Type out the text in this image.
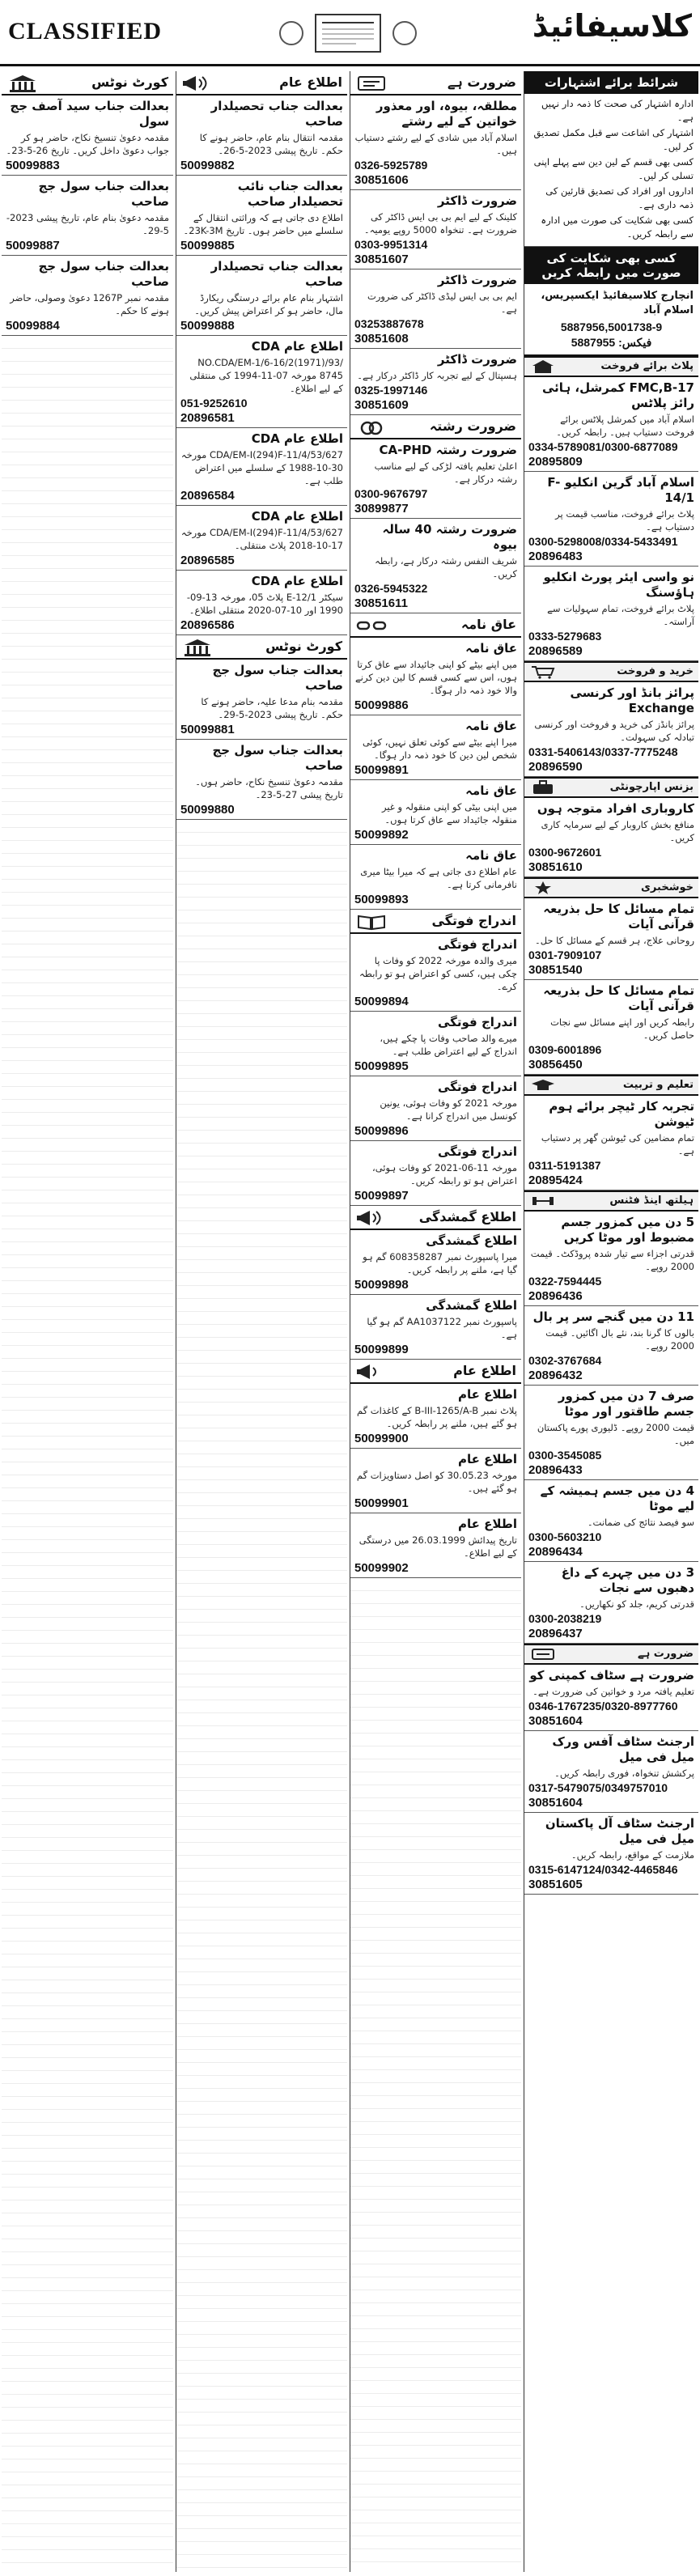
CLASSIFIED	کلاسیفائیڈ
کورٹ نوٹس
بعدالت جناب سید آصف جج سول
مقدمہ دعویٰ تنسیخ نکاح، حاضر ہو کر جواب دعویٰ داخل کریں۔ تاریخ 26-5-23۔
50099883
بعدالت جناب سول جج صاحب
مقدمہ دعویٰ بنام عام، تاریخ پیشی 2023-5-29۔
50099887
بعدالت جناب سول جج صاحب
مقدمہ نمبر 1267P دعویٰ وصولی، حاضر ہونے کا حکم۔
50099884
اطلاع عام
بعدالت جناب تحصیلدار صاحب
مقدمہ انتقال بنام عام، حاضر ہونے کا حکم۔ تاریخ پیشی 2023-5-26۔
50099882
بعدالت جناب نائب تحصیلدار صاحب
اطلاع دی جاتی ہے کہ وراثتی انتقال کے سلسلے میں حاضر ہوں۔ تاریخ 23K-3M۔
50099885
بعدالت جناب تحصیلدار صاحب
اشتہار بنام عام برائے درستگی ریکارڈ مال، حاضر ہو کر اعتراض پیش کریں۔
50099888
اطلاع عام CDA
NO.CDA/EM-1/6-16/2(1971)/93/ 8745 مورخہ 07-11-1994 کی منتقلی کے لیے اطلاع۔
051-9252610
20896581
اطلاع عام CDA
CDA/EM-I(294)F-11/4/53/627 مورخہ 30-10-1988 کے سلسلے میں اعتراض طلب ہے۔
20896584
اطلاع عام CDA
CDA/EM-I(294)F-11/4/53/627 مورخہ 17-10-2018 پلاٹ منتقلی۔
20896585
اطلاع عام CDA
سیکٹر E-12/1 پلاٹ 05، مورخہ 13-09-1990 اور 10-07-2020 منتقلی اطلاع۔
20896586
کورٹ نوٹس
بعدالت جناب سول جج صاحب
مقدمہ بنام مدعا علیہ، حاضر ہونے کا حکم۔ تاریخ پیشی 2023-5-29۔
50099881
بعدالت جناب سول جج صاحب
مقدمہ دعویٰ تنسیخ نکاح، حاضر ہوں۔ تاریخ پیشی 27-5-23۔
50099880
ضرورت ہے
مطلقہ، بیوہ، اور معذور خواتین کے لیے رشتے
اسلام آباد میں شادی کے لیے رشتے دستیاب ہیں۔
0326-5925789
30851606
ضرورت ڈاکٹر
کلینک کے لیے ایم بی بی ایس ڈاکٹر کی ضرورت ہے۔ تنخواہ 5000 روپے یومیہ۔
0303-9951314
30851607
ضرورت ڈاکٹر
ایم بی بی ایس لیڈی ڈاکٹر کی ضرورت ہے۔
03253887678
30851608
ضرورت ڈاکٹر
ہسپتال کے لیے تجربہ کار ڈاکٹر درکار ہے۔
0325-1997146
30851609
ضرورت رشتہ
ضرورت رشتہ CA-PHD
اعلیٰ تعلیم یافتہ لڑکی کے لیے مناسب رشتہ درکار ہے۔
0300-9676797
30899877
ضرورت رشتہ 40 سالہ بیوہ
شریف النفس رشتہ درکار ہے، رابطہ کریں۔
0326-5945322
30851611
عاق نامہ
عاق نامہ
میں اپنے بیٹے کو اپنی جائیداد سے عاق کرتا ہوں، اس سے کسی قسم کا لین دین کرنے والا خود ذمہ دار ہوگا۔
50099886
عاق نامہ
میرا اپنے بیٹے سے کوئی تعلق نہیں، کوئی شخص لین دین کا خود ذمہ دار ہوگا۔
50099891
عاق نامہ
میں اپنی بیٹی کو اپنی منقولہ و غیر منقولہ جائیداد سے عاق کرتا ہوں۔
50099892
عاق نامہ
عام اطلاع دی جاتی ہے کہ میرا بیٹا میری نافرمانی کرتا ہے۔
50099893
اندراج فوتگی
اندراج فوتگی
میری والدہ مورخہ 2022 کو وفات پا چکی ہیں، کسی کو اعتراض ہو تو رابطہ کرے۔
50099894
اندراج فوتگی
میرے والد صاحب وفات پا چکے ہیں، اندراج کے لیے اعتراض طلب ہے۔
50099895
اندراج فوتگی
مورخہ 2021 کو وفات ہوئی، یونین کونسل میں اندراج کرانا ہے۔
50099896
اندراج فوتگی
مورخہ 11-06-2021 کو وفات ہوئی، اعتراض ہو تو رابطہ کریں۔
50099897
اطلاع گمشدگی
اطلاع گمشدگی
میرا پاسپورٹ نمبر 608358287 گم ہو گیا ہے، ملنے پر رابطہ کریں۔
50099898
اطلاع گمشدگی
پاسپورٹ نمبر AA1037122 گم ہو گیا ہے۔
50099899
اطلاع عام
اطلاع عام
پلاٹ نمبر B-III-1265/A-B کے کاغذات گم ہو گئے ہیں، ملنے پر رابطہ کریں۔
50099900
اطلاع عام
مورخہ 30.05.23 کو اصل دستاویزات گم ہو گئے ہیں۔
50099901
اطلاع عام
تاریخ پیدائش 26.03.1999 میں درستگی کے لیے اطلاع۔
50099902
شرائط برائے اشتہارات
ادارہ اشتہار کی صحت کا ذمہ دار نہیں ہے۔
اشتہار کی اشاعت سے قبل مکمل تصدیق کر لیں۔
کسی بھی قسم کے لین دین سے پہلے اپنی تسلی کر لیں۔
اداروں اور افراد کی تصدیق قارئین کی ذمہ داری ہے۔
کسی بھی شکایت کی صورت میں ادارہ سے رابطہ کریں۔
کسی بھی شکایت کی صورت میں رابطہ کریں
انچارج کلاسیفائیڈ ایکسپریس، اسلام آباد
5887956,5001738-9
فیکس: 5887955
پلاٹ برائے فروخت
FMC,B-17 کمرشل، ہائی رائز پلاٹس
اسلام آباد میں کمرشل پلاٹس برائے فروخت دستیاب ہیں۔ رابطہ کریں۔
0334-5789081/0300-6877089
20895809
اسلام آباد گرین انکلیو F-14/1
پلاٹ برائے فروخت، مناسب قیمت پر دستیاب ہے۔
0300-5298008/0334-5433491
20896483
نو واسی ایئر پورٹ انکلیو ہاؤسنگ
پلاٹ برائے فروخت، تمام سہولیات سے آراستہ۔
0333-5279683
20896589
خرید و فروخت
پرائز بانڈ اور کرنسی Exchange
پرائز بانڈز کی خرید و فروخت اور کرنسی تبادلہ کی سہولت۔
0331-5406143/0337-7775248
20896590
بزنس اپارچونٹی
کاروباری افراد متوجہ ہوں
منافع بخش کاروبار کے لیے سرمایہ کاری کریں۔
0300-9672601
30851610
خوشخبری
تمام مسائل کا حل بذریعہ قرآنی آیات
روحانی علاج، ہر قسم کے مسائل کا حل۔
0301-7909107
30851540
تمام مسائل کا حل بذریعہ قرآنی آیات
رابطہ کریں اور اپنے مسائل سے نجات حاصل کریں۔
0309-6001896
30856450
تعلیم و تربیت
تجربہ کار ٹیچر برائے ہوم ٹیوشن
تمام مضامین کی ٹیوشن گھر پر دستیاب ہے۔
0311-5191387
20895424
ہیلتھ اینڈ فٹنس
5 دن میں کمزور جسم مضبوط اور موٹا کریں
قدرتی اجزاء سے تیار شدہ پروڈکٹ۔ قیمت 2000 روپے۔
0322-7594445
20896436
11 دن میں گنجے سر پر بال
بالوں کا گرنا بند، نئے بال اگائیں۔ قیمت 2000 روپے۔
0302-3767684
20896432
صرف 7 دن میں کمزور جسم طاقتور اور موٹا
قیمت 2000 روپے۔ ڈلیوری پورے پاکستان میں۔
0300-3545085
20896433
4 دن میں جسم ہمیشہ کے لیے موٹا
سو فیصد نتائج کی ضمانت۔
0300-5603210
20896434
3 دن میں چہرے کے داغ دھبوں سے نجات
قدرتی کریم، جلد کو نکھاریں۔
0300-2038219
20896437
ضرورت ہے
ضرورت ہے سٹاف کمپنی کو
تعلیم یافتہ مرد و خواتین کی ضرورت ہے۔
0346-1767235/0320-8977760
30851604
ارجنٹ سٹاف آفس ورک میل فی میل
پرکشش تنخواہ، فوری رابطہ کریں۔
0317-5479075/0349757010
30851604
ارجنٹ سٹاف آل پاکستان میل فی میل
ملازمت کے مواقع، رابطہ کریں۔
0315-6147124/0342-4465846
30851605
